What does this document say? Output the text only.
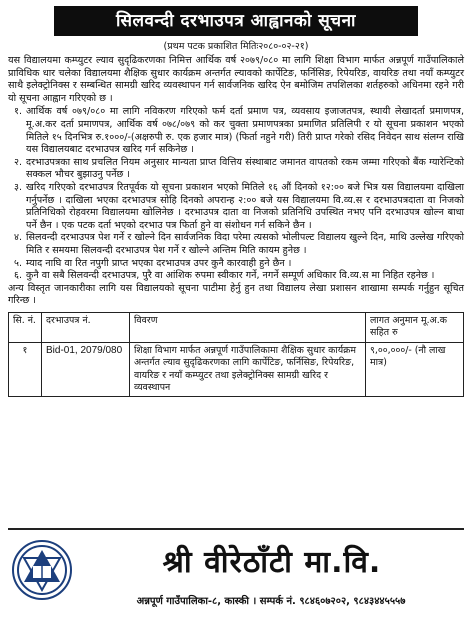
सिलवन्दी दरभाउपत्र आह्वानको सूचना
(प्रथम पटक प्रकाशित मितिः२०८०-०२-२१)

यस विद्यालयमा कम्प्युटर ल्याव सुदृढिकरणका निमित्त आर्थिक वर्ष २०७९/०८० मा लागि शिक्षा विभाग मार्फत अन्नपूर्ण गाउँपालिकाले प्राविधिक धार चलेका विद्यालयमा शैक्षिक सुधार कार्यक्रम अन्तर्गत ल्यावको कार्पेटिङ, फर्निसिङ, रिपेयरिङ, वायरिङ तथा नयाँ कम्प्युटर साथै इलेक्ट्रोनिक्स र सम्बन्धित सामग्री खरिद व्यवस्थापन गर्न सार्वजनिक खरिद ऐन बमोजिम तपशिलका शर्तहरुको अधिनमा रहने गरी यो सूचना आह्वान गरिएको छ ।

१. आर्थिक वर्ष ०७९/०८० मा लागि नविकरण गरिएको फर्म दर्ता प्रमाण पत्र, व्यवसाय इजाजतपत्र, स्थायी लेखादर्ता प्रमाणपत्र, मू.अ.कर दर्ता प्रमाणपत्र, आर्थिक वर्ष ०७८/०७९ को कर चुक्ता प्रमाणपत्रका प्रमाणित प्रतिलिपी र यो सूचना प्रकाशन भएको मितिले १५ दिनभित्र रु.१०००/-(अक्षरुपी रु. एक हजार मात्र) (फिर्ता नहुने गरी) तिरी प्राप्त गरेको रसिद निवेदन साथ संलग्न राखि यस विद्यालयबाट दरभाउपत्र खरिद गर्न सकिनेछ ।
२. दरभाउपत्रका साथ प्रचलित नियम अनुसार मान्यता प्राप्त वित्तिय संस्थाबाट जमानत वापतको रकम जम्मा गरिएको बैंक ग्यारेन्टिको सक्कल भौचर बुझाउनु पर्नेछ ।
३. खरिद गरिएको दरभाउपत्र रितपूर्वक यो सूचना प्रकाशन भएको मितिले १६ औं दिनको १२:०० बजे भित्र यस विद्यालयमा दाखिला गर्नुपर्नेछ । दाखिला भएका दरभाउपत्र सोहि दिनको अपरान्ह २:०० बजे यस विद्यालयमा वि.व्य.स र दरभाउपत्रदाता वा निजको प्रतिनिधिको रोहवरमा विद्यालयमा खोलिनेछ । दरभाउपत्र दाता वा निजको प्रतिनिधि उपस्थित नभए पनि दरभाउपत्र खोल्न बाधा पर्ने छैन । एक पटक दर्ता भएको दरभाउ पत्र फिर्ता हुने वा संशोधन गर्न सकिने छैन ।
४. सिलवन्दी दरभाउपत्र पेश गर्ने र खोल्ने दिन सार्वजनिक विदा परेमा त्यसको भोलीपल्ट विद्यालय खुल्ने दिन, माथि उल्लेख गरिएको मिति र समयमा सिलवन्दी दरभाउपत्र पेश गर्ने र खोल्ने अन्तिम मिति कायम हुनेछ ।
५. म्याद नाघि वा रित नपुगी प्राप्त भएका दरभाउपत्र उपर कुनै कारवाही हुने छैन ।
६. कुनै वा सबै सिलवन्दी दरभाउपत्र, पुरै वा आंशिक रुपमा स्वीकार गर्ने, नगर्ने सम्पूर्ण अधिकार वि.व्य.स मा निहित रहनेछ ।

अन्य विस्तृत जानकारीका लागि यस विद्यालयको सूचना पाटीमा हेर्नु हुन तथा विद्यालय लेखा प्रशासन शाखामा सम्पर्क गर्नुहुन सूचित गरिन्छ ।

सि. नं.	दरभाउपत्र नं.	विवरण	लागत अनुमान मू.अ.क सहित रु
१	Bid-01, 2079/080	शिक्षा विभाग मार्फत अन्नपूर्ण गाउँपालिकामा शैक्षिक सुधार कार्यक्रम अन्तर्गत ल्याव सुदृढिकरणका लागि कार्पेटिङ, फर्निसिङ, रिपेयरिङ, वायरिङ र नयाँ कम्प्युटर तथा इलेक्ट्रोनिक्स सामग्री खरिद र व्यवस्थापन	९,००,०००/- (नौ लाख मात्र)
श्री वीरेठाँटी मा.वि.
अन्नपूर्ण गाउँपालिका-८, कास्की । सम्पर्क नं. ९८४६०७२०२, ९८४३४४५५५७
